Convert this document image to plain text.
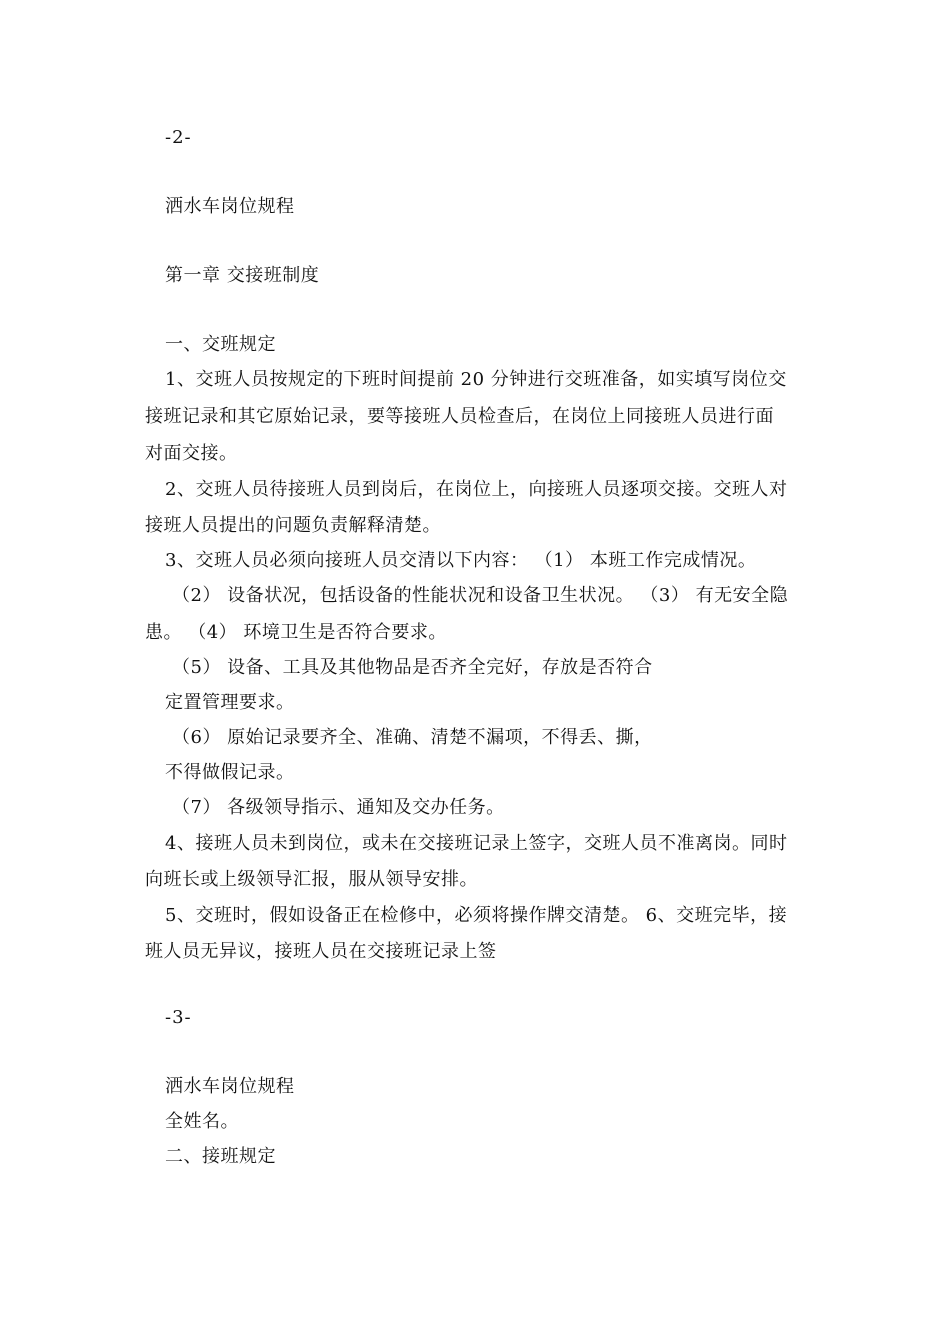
-2-
洒水车岗位规程
第一章 交接班制度
一、交班规定
1、交班人员按规定的下班时间提前 20 分钟进行交班准备，如实填写岗位交
接班记录和其它原始记录，要等接班人员检查后，在岗位上同接班人员进行面
对面交接。
2、交班人员待接班人员到岗后，在岗位上，向接班人员逐项交接。交班人对
接班人员提出的问题负责解释清楚。
3、交班人员必须向接班人员交清以下内容： （1） 本班工作完成情况。
（2） 设备状况，包括设备的性能状况和设备卫生状况。 （3） 有无安全隐
患。 （4） 环境卫生是否符合要求。
（5） 设备、工具及其他物品是否齐全完好，存放是否符合
定置管理要求。
（6） 原始记录要齐全、准确、清楚不漏项，不得丢、撕，
不得做假记录。
（7） 各级领导指示、通知及交办任务。
4、接班人员未到岗位，或未在交接班记录上签字，交班人员不准离岗。同时
向班长或上级领导汇报，服从领导安排。
5、交班时，假如设备正在检修中，必须将操作牌交清楚。 6、交班完毕，接
班人员无异议，接班人员在交接班记录上签
-3-
洒水车岗位规程
全姓名。
二、接班规定
